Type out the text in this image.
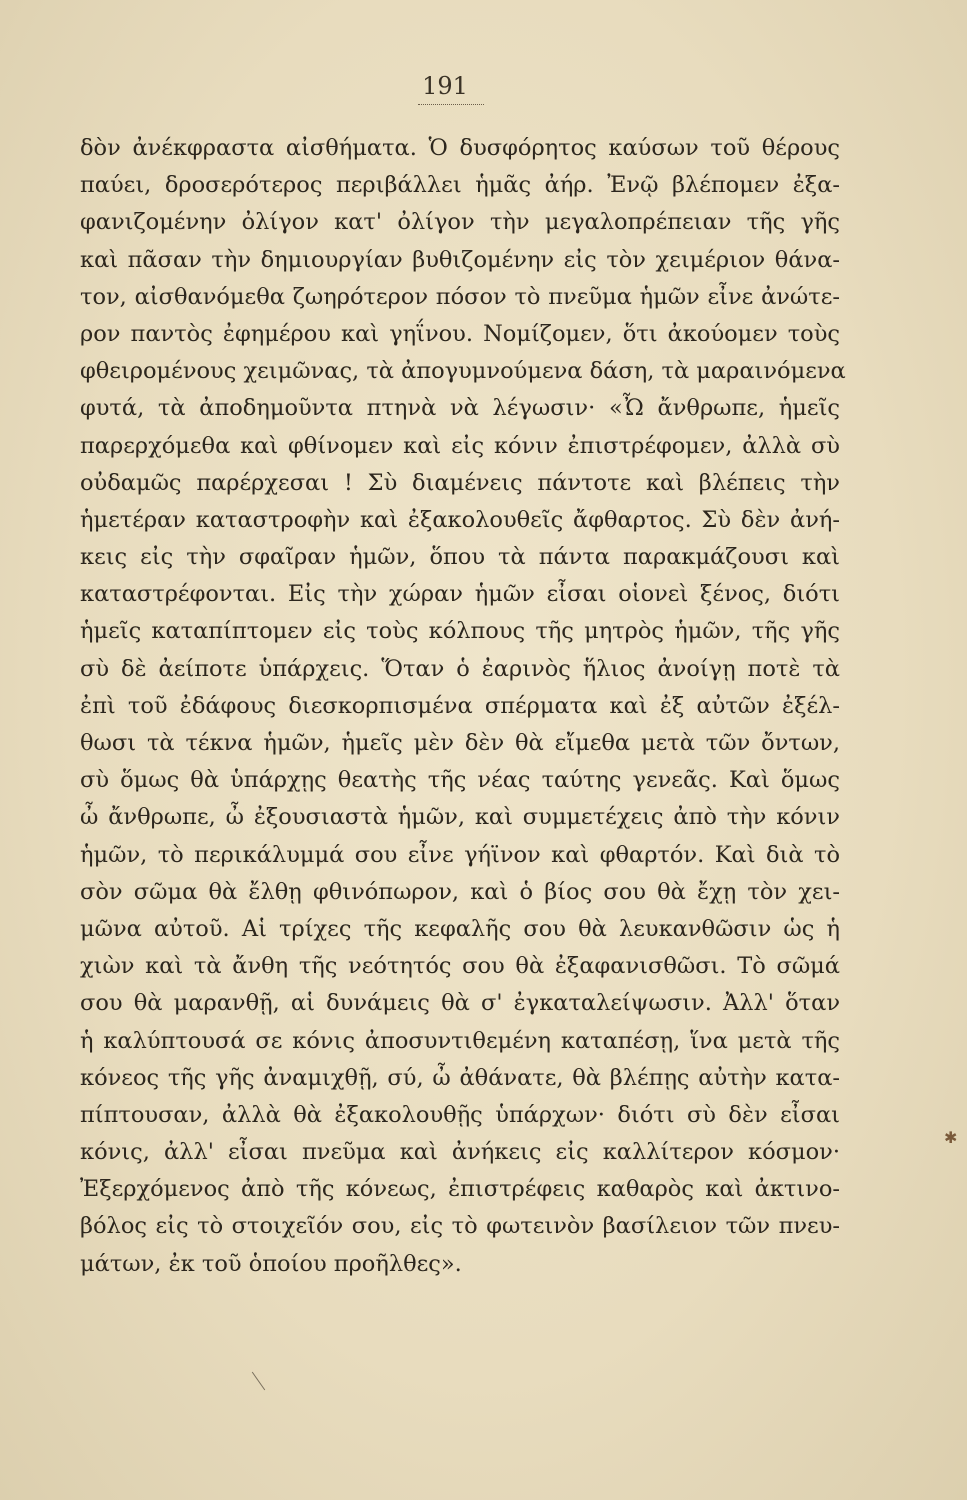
191
δὸν ἀνέκφραστα αἰσθήματα. Ὁ δυσφόρητος καύσων τοῦ θέρους
παύει, δροσερότερος περιβάλλει ἡμᾶς ἀήρ. Ἐνῷ βλέπομεν ἐξα-
φανιζομένην ὀλίγον κατ' ὀλίγον τὴν μεγαλοπρέπειαν τῆς γῆς
καὶ πᾶσαν τὴν δημιουργίαν βυθιζομένην εἰς τὸν χειμέριον θάνα-
τον, αἰσθανόμεθα ζωηρότερον πόσον τὸ πνεῦμα ἡμῶν εἶνε ἀνώτε-
ρον παντὸς ἐφημέρου καὶ γηΐνου. Νομίζομεν, ὅτι ἀκούομεν τοὺς
φθειρομένους χειμῶνας, τὰ ἀπογυμνούμενα δάση, τὰ μαραινόμενα
φυτά, τὰ ἀποδημοῦντα πτηνὰ νὰ λέγωσιν· «Ὦ ἄνθρωπε, ἡμεῖς
παρερχόμεθα καὶ φθίνομεν καὶ εἰς κόνιν ἐπιστρέφομεν, ἀλλὰ σὺ
οὐδαμῶς παρέρχεσαι ! Σὺ διαμένεις πάντοτε καὶ βλέπεις τὴν
ἡμετέραν καταστροφὴν καὶ ἐξακολουθεῖς ἄφθαρτος. Σὺ δὲν ἀνή-
κεις εἰς τὴν σφαῖραν ἡμῶν, ὅπου τὰ πάντα παρακμάζουσι καὶ
καταστρέφονται. Εἰς τὴν χώραν ἡμῶν εἶσαι οἱονεὶ ξένος, διότι
ἡμεῖς καταπίπτομεν εἰς τοὺς κόλπους τῆς μητρὸς ἡμῶν, τῆς γῆς
σὺ δὲ ἀείποτε ὑπάρχεις. Ὅταν ὁ ἐαρινὸς ἥλιος ἀνοίγῃ ποτὲ τὰ
ἐπὶ τοῦ ἐδάφους διεσκορπισμένα σπέρματα καὶ ἐξ αὐτῶν ἐξέλ-
θωσι τὰ τέκνα ἡμῶν, ἡμεῖς μὲν δὲν θὰ εἴμεθα μετὰ τῶν ὄντων,
σὺ ὅμως θὰ ὑπάρχῃς θεατὴς τῆς νέας ταύτης γενεᾶς. Καὶ ὅμως
ὦ ἄνθρωπε, ὦ ἐξουσιαστὰ ἡμῶν, καὶ συμμετέχεις ἀπὸ τὴν κόνιν
ἡμῶν, τὸ περικάλυμμά σου εἶνε γήϊνον καὶ φθαρτόν. Καὶ διὰ τὸ
σὸν σῶμα θὰ ἔλθῃ φθινόπωρον, καὶ ὁ βίος σου θὰ ἔχῃ τὸν χει-
μῶνα αὐτοῦ. Αἱ τρίχες τῆς κεφαλῆς σου θὰ λευκανθῶσιν ὡς ἡ
χιὼν καὶ τὰ ἄνθη τῆς νεότητός σου θὰ ἐξαφανισθῶσι. Τὸ σῶμά
σου θὰ μαρανθῇ, αἱ δυνάμεις θὰ σ' ἐγκαταλείψωσιν. Ἀλλ' ὅταν
ἡ καλύπτουσά σε κόνις ἀποσυντιθεμένη καταπέσῃ, ἵνα μετὰ τῆς
κόνεος τῆς γῆς ἀναμιχθῇ, σύ, ὦ ἀθάνατε, θὰ βλέπῃς αὐτὴν κατα-
πίπτουσαν, ἀλλὰ θὰ ἐξακολουθῇς ὑπάρχων· διότι σὺ δὲν εἶσαι
κόνις, ἀλλ' εἶσαι πνεῦμα καὶ ἀνήκεις εἰς καλλίτερον κόσμον·
Ἐξερχόμενος ἀπὸ τῆς κόνεως, ἐπιστρέφεις καθαρὸς καὶ ἀκτινο-
βόλος εἰς τὸ στοιχεῖόν σου, εἰς τὸ φωτεινὸν βασίλειον τῶν πνευ-
μάτων, ἐκ τοῦ ὁποίου προῆλθες».
✱
